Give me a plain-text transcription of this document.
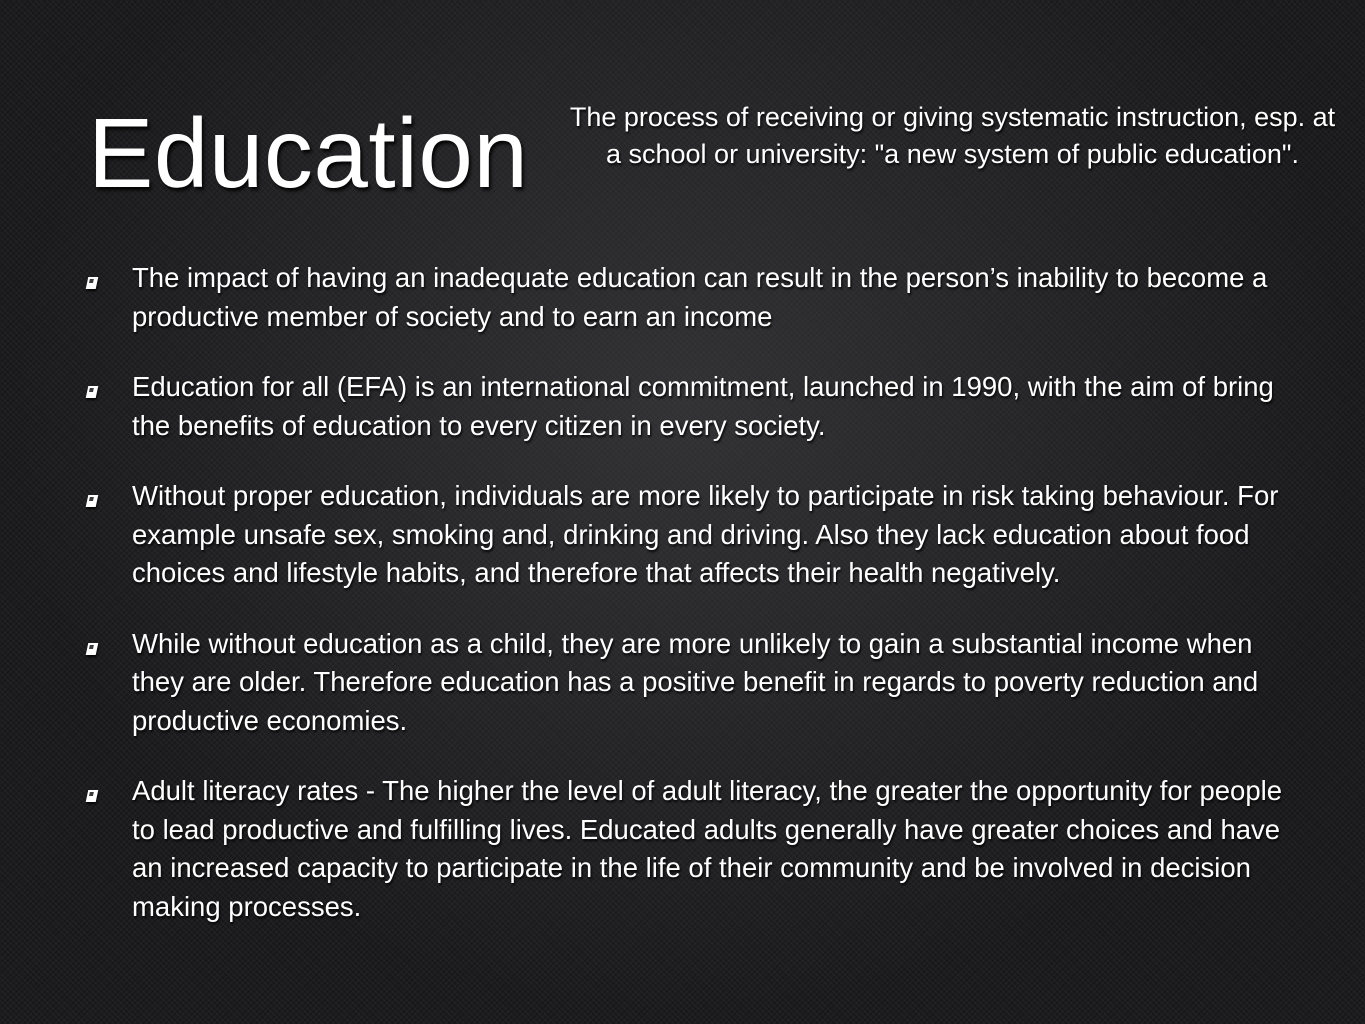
Education The process of receiving or giving systematic instruction, esp. at a school or university: "a new system of public education".
The impact of having an inadequate education can result in the person’s inability to become a productive member of society and to earn an income
Education for all (EFA) is an international commitment, launched in 1990, with the aim of bring the benefits of education to every citizen in every society.
Without proper education, individuals are more likely to participate in risk taking behaviour. For example unsafe sex, smoking and, drinking and driving. Also they lack education about food choices and lifestyle habits, and therefore that affects their health negatively.
While without education as a child, they are more unlikely to gain a substantial income when they are older. Therefore education has a positive benefit in regards to poverty reduction and productive economies.
Adult literacy rates - The higher the level of adult literacy, the greater the opportunity for people to lead productive and fulfilling lives. Educated adults generally have greater choices and have an increased capacity to participate in the life of their community and be involved in decision making processes.
